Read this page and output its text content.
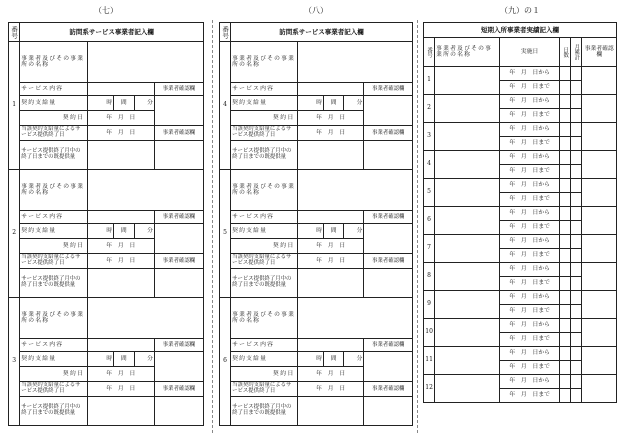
（七）
番号	訪問系サービス事業者記入欄				
1	事業者及びその事業所の名称				
	サービス内容				事業者確認欄
	契約支給量	時	間	分	
	契約日	年　 月　 日			
	当該契約支給量によるサービス提供終了日	年　 月　 日			事業者確認欄
	サービス提供終了月中の終了日までの既提供量				
2	事業者及びその事業所の名称				
	サービス内容				事業者確認欄
	契約支給量	時	間	分	
	契約日	年　 月　 日			
	当該契約支給量によるサービス提供終了日	年　 月　 日			事業者確認欄
	サービス提供終了月中の終了日までの既提供量				
3	事業者及びその事業所の名称				
	サービス内容				事業者確認欄
	契約支給量	時	間	分	
	契約日	年　 月　 日			
	当該契約支給量によるサービス提供終了日	年　 月　 日			事業者確認欄
	サービス提供終了月中の終了日までの既提供量				
（八）
番号	訪問系サービス事業者記入欄				
4	事業者及びその事業所の名称				
	サービス内容				事業者確認欄
	契約支給量	時	間	分	
	契約日	年　 月　 日			
	当該契約支給量によるサービス提供終了日	年　 月　 日			事業者確認欄
	サービス提供終了月中の終了日までの既提供量				
5	事業者及びその事業所の名称				
	サービス内容				事業者確認欄
	契約支給量	時	間	分	
	契約日	年　 月　 日			
	当該契約支給量によるサービス提供終了日	年　 月　 日			事業者確認欄
	サービス提供終了月中の終了日までの既提供量				
6	事業者及びその事業所の名称				
	サービス内容				事業者確認欄
	契約支給量	時	間	分	
	契約日	年　 月　 日			
	当該契約支給量によるサービス提供終了日	年　 月　 日			事業者確認欄
	サービス提供終了月中の終了日までの既提供量				
（九）の１
短期入所事業者実績記入欄					
番号	事業者及びその事業所の名称	実施日	日数	月累計	事業者確認欄
1		年　月　日から			
		年　月　日まで			
2		年　月　日から			
		年　月　日まで			
3		年　月　日から			
		年　月　日まで			
4		年　月　日から			
		年　月　日まで			
5		年　月　日から			
		年　月　日まで			
6		年　月　日から			
		年　月　日まで			
7		年　月　日から			
		年　月　日まで			
8		年　月　日から			
		年　月　日まで			
9		年　月　日から			
		年　月　日まで			
10		年　月　日から			
		年　月　日まで			
11		年　月　日から			
		年　月　日まで			
12		年　月　日から			
		年　月　日まで			
